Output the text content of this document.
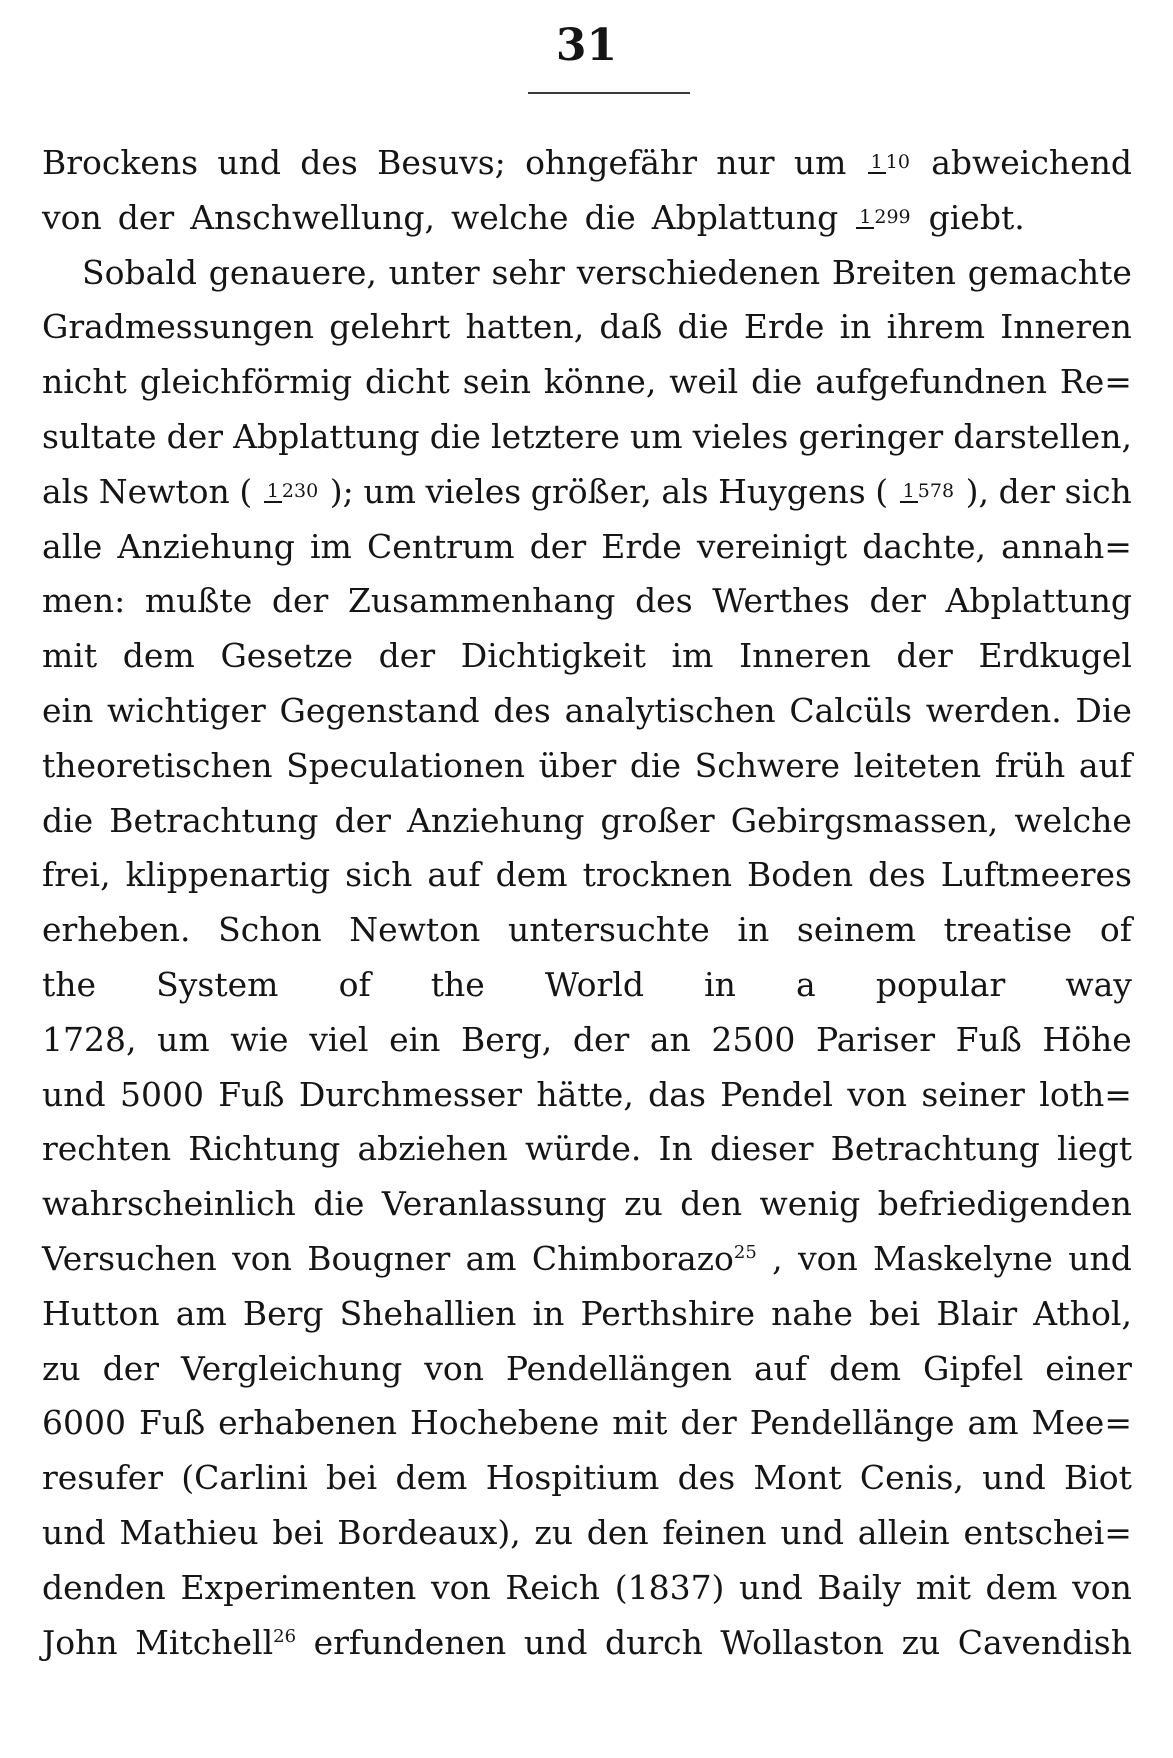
31
Brockens und des Besuvs; ohngefähr nur um 1 10 abweichend
von der Anschwellung, welche die Abplattung 1 299 giebt.
Sobald genauere, unter sehr verschiedenen Breiten gemachte
Gradmessungen gelehrt hatten, daß die Erde in ihrem Inneren
nicht gleichförmig dicht sein könne, weil die aufgefundnen Re=
sultate der Abplattung die letztere um vieles geringer darstellen,
als Newton ( 1 230 ); um vieles größer, als Huygens ( 1 578 ), der sich
alle Anziehung im Centrum der Erde vereinigt dachte, annah=
men: mußte der Zusammenhang des Werthes der Abplattung
mit dem Gesetze der Dichtigkeit im Inneren der Erdkugel
ein wichtiger Gegenstand des analytischen Calcüls werden. Die
theoretischen Speculationen über die Schwere leiteten früh auf
die Betrachtung der Anziehung großer Gebirgsmassen, welche
frei, klippenartig sich auf dem trocknen Boden des Luftmeeres
erheben. Schon Newton untersuchte in seinem treatise of
the System of the World in a popular way
1728, um wie viel ein Berg, der an 2500 Pariser Fuß Höhe
und 5000 Fuß Durchmesser hätte, das Pendel von seiner loth=
rechten Richtung abziehen würde. In dieser Betrachtung liegt
wahrscheinlich die Veranlassung zu den wenig befriedigenden
Versuchen von Bougner am Chimborazo25 , von Maskelyne und
Hutton am Berg Shehallien in Perthshire nahe bei Blair Athol,
zu der Vergleichung von Pendellängen auf dem Gipfel einer
6000 Fuß erhabenen Hochebene mit der Pendellänge am Mee=
resufer (Carlini bei dem Hospitium des Mont Cenis, und Biot
und Mathieu bei Bordeaux), zu den feinen und allein entschei=
denden Experimenten von Reich (1837) und Baily mit dem von
John Mitchell26 erfundenen und durch Wollaston zu Cavendish
